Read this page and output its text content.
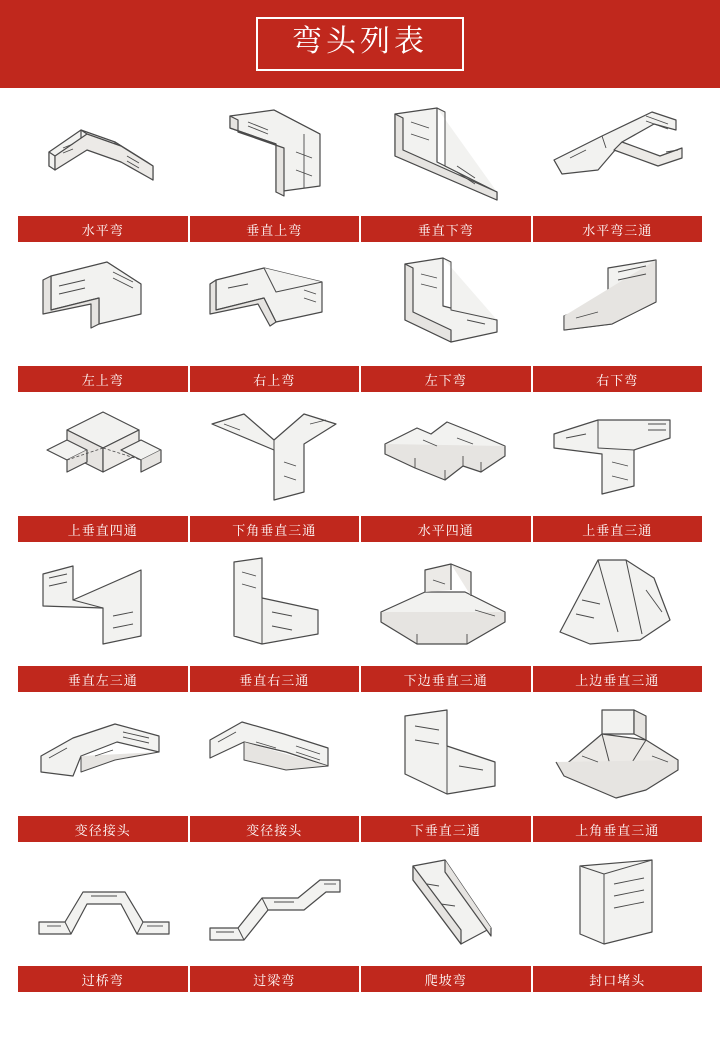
弯头列表
水平弯	垂直上弯	垂直下弯	水平弯三通
左上弯	右上弯	左下弯	右下弯
上垂直四通	下角垂直三通	水平四通	上垂直三通
垂直左三通	垂直右三通	下边垂直三通	上边垂直三通
变径接头	变径接头	下垂直三通	上角垂直三通
过桥弯	过梁弯	爬坡弯	封口堵头
